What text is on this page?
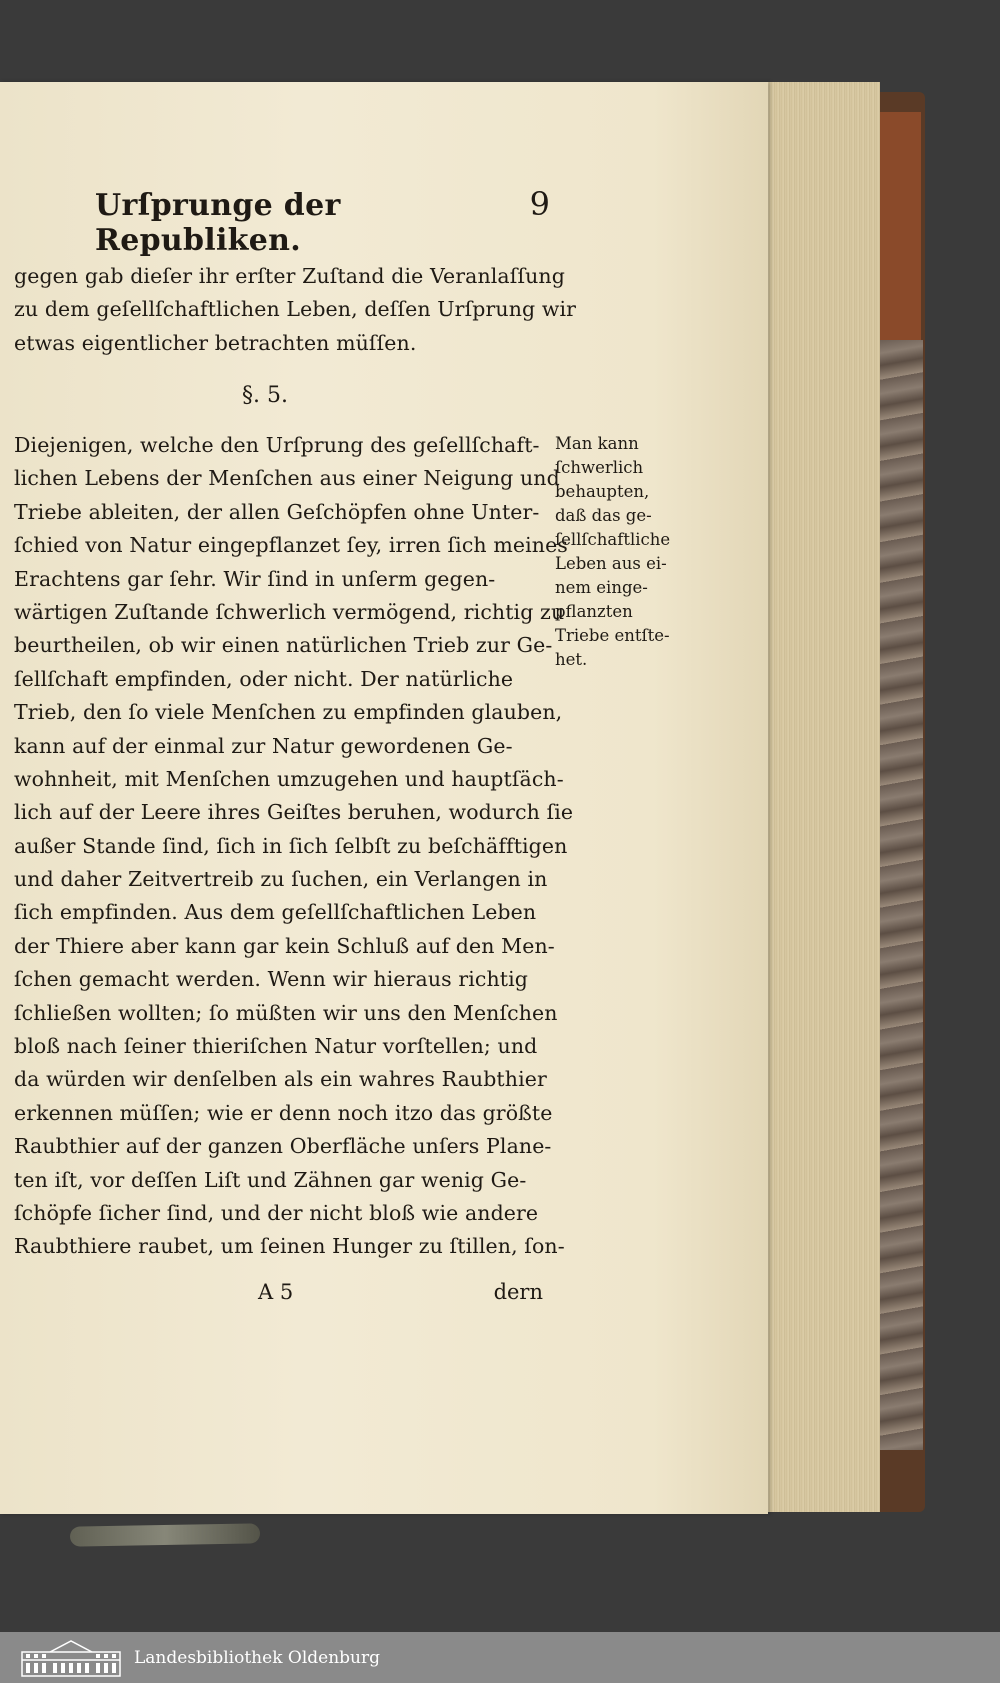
Urſprunge der Republiken.
9
gegen gab dieſer ihr erſter Zuſtand die Veranlaſſung
zu dem geſellſchaftlichen Leben, deſſen Urſprung wir
etwas eigentlicher betrachten müſſen.
§. 5.
Diejenigen, welche den Urſprung des geſellſchaft-
lichen Lebens der Menſchen aus einer Neigung und
Triebe ableiten, der allen Geſchöpfen ohne Unter-
ſchied von Natur eingepflanzet ſey, irren ſich meines
Erachtens gar ſehr. Wir ſind in unſerm gegen-
wärtigen Zuſtande ſchwerlich vermögend, richtig zu
beurtheilen, ob wir einen natürlichen Trieb zur Ge-
ſellſchaft empfinden, oder nicht. Der natürliche
Trieb, den ſo viele Menſchen zu empfinden glauben,
kann auf der einmal zur Natur gewordenen Ge-
wohnheit, mit Menſchen umzugehen und hauptſäch-
lich auf der Leere ihres Geiſtes beruhen, wodurch ſie
außer Stande ſind, ſich in ſich ſelbſt zu beſchäfftigen
und daher Zeitvertreib zu ſuchen, ein Verlangen in
ſich empfinden. Aus dem geſellſchaftlichen Leben
der Thiere aber kann gar kein Schluß auf den Men-
ſchen gemacht werden. Wenn wir hieraus richtig
ſchließen wollten; ſo müßten wir uns den Menſchen
bloß nach ſeiner thieriſchen Natur vorſtellen; und
da würden wir denſelben als ein wahres Raubthier
erkennen müſſen; wie er denn noch itzo das größte
Raubthier auf der ganzen Oberfläche unſers Plane-
ten iſt, vor deſſen Liſt und Zähnen gar wenig Ge-
ſchöpfe ſicher ſind, und der nicht bloß wie andere
Raubthiere raubet, um ſeinen Hunger zu ſtillen, ſon-
Man kann
ſchwerlich
behaupten,
daß das ge-
ſellſchaftliche
Leben aus ei-
nem einge-
pflanzten
Triebe entſte-
het.
A 5	dern
Landesbibliothek Oldenburg
